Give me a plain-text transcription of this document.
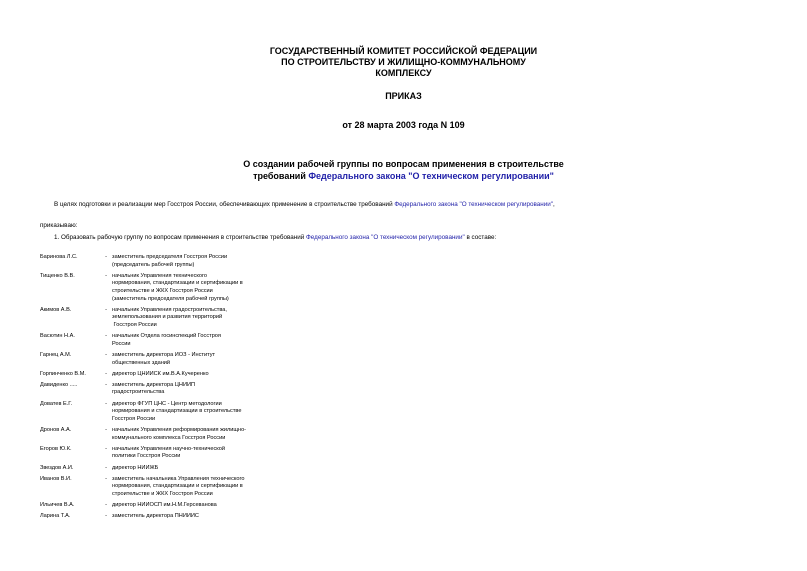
ГОСУДАРСТВЕННЫЙ КОМИТЕТ РОССИЙСКОЙ ФЕДЕРАЦИИ
ПО СТРОИТЕЛЬСТВУ И ЖИЛИЩНО-КОММУНАЛЬНОМУ
КОМПЛЕКСУ
ПРИКАЗ
от 28 марта 2003 года N 109
О создании рабочей группы по вопросам применения в строительстве
требований Федерального закона "О техническом регулировании"
В целях подготовки и реализации мер Госстроя России, обеспечивающих применение в строительстве требований Федерального закона "О техническом регулировании",
приказываю:
1. Образовать рабочую группу по вопросам применения в строительстве требований Федерального закона "О техническом регулировании" в составе:
Баринова Л.С.	- заместитель председателя Госстроя России
(председатель рабочей группы)
Тищенко В.В.	- начальник Управления технического
нормирования, стандартизации и сертификации в
строительстве и ЖКХ Госстроя России
(заместитель председателя рабочей группы)
Акимов А.В.	- начальник Управления градостроительства,
землепользования и развития территорий
Госстроя России
Васютин Н.А.	- начальник Отдела госинспекций Госстроя
России
Гарнец А.М.	- заместитель директора ИОЗ - Институт
общественных зданий
Горпинченко В.М.	- директор ЦНИИСК им.В.А.Кучеренко
Давиденко .....	- заместитель директора ЦНИИП
градостроительства
Доватев Е.Г.	- директор ФГУП ЦНС - Центр методологии
нормирования и стандартизации в строительстве
Госстроя России
Дронов А.А.	- начальник Управления реформирования жилищно-
коммунального комплекса Госстроя России
Егоров Ю.К.	- начальник Управления научно-технической
политики Госстроя России
Звездов А.И.	- директор НИИЖБ
Иванов В.И.	- заместитель начальника Управления технического
нормирования, стандартизации и сертификации в
строительстве и ЖКХ Госстроя России
Ильичев В.А.	- директор НИИОСП им.Н.М.Герсеванова
Ларина Т.А.	- заместитель директора ПНИИИС
